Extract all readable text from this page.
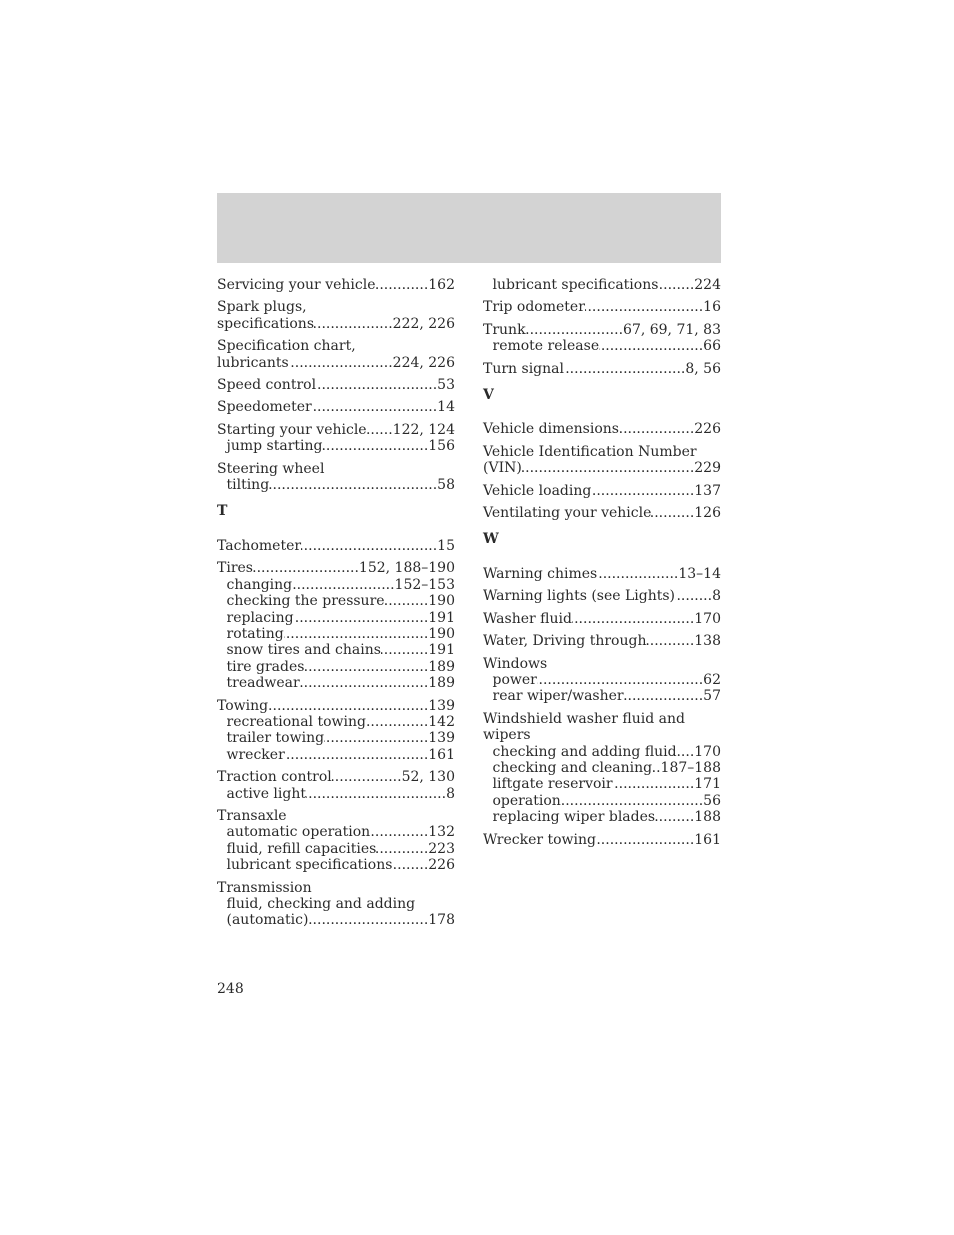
Servicing your vehicle .....	162
Spark plugs,
specifications .....	222, 226
Specification chart,
lubricants .....	224, 226
Speed control .....	53
Speedometer .....	14
Starting your vehicle ..... 122, 124
jump starting .....	156
Steering wheel
tilting .....	58
T
Tachometer .....	15
Tires .....	152, 188–190
changing .....	152–153
checking the pressure .....	190
replacing .....	191
rotating .....	190
snow tires and chains .....	191
tire grades .....	189
treadwear .....	189
Towing .....	139
recreational towing .....	142
trailer towing .....	139
wrecker .....	161
Traction control .....	52, 130
active light .....	8
Transaxle
automatic operation .....	132
fluid, refill capacities .....	223
lubricant specifications .....	226
Transmission
fluid, checking and adding
(automatic) .....	178
lubricant specifications .....	224
Trip odometer .....	16
Trunk .....	67, 69, 71, 83
remote release .....	66
Turn signal .....	8, 56
V
Vehicle dimensions .....	226
Vehicle Identification Number
(VIN) .....	229
Vehicle loading .....	137
Ventilating your vehicle .....	126
W
Warning chimes .....	13–14
Warning lights (see Lights) .....	8
Washer fluid .....	170
Water, Driving through .....	138
Windows
power .....	62
rear wiper/washer .....	57
Windshield washer fluid and
wipers
checking and adding fluid ..... 170
checking and cleaning ..... 187–188
liftgate reservoir .....	171
operation .....	56
replacing wiper blades .....	188
Wrecker towing .....	161
248
